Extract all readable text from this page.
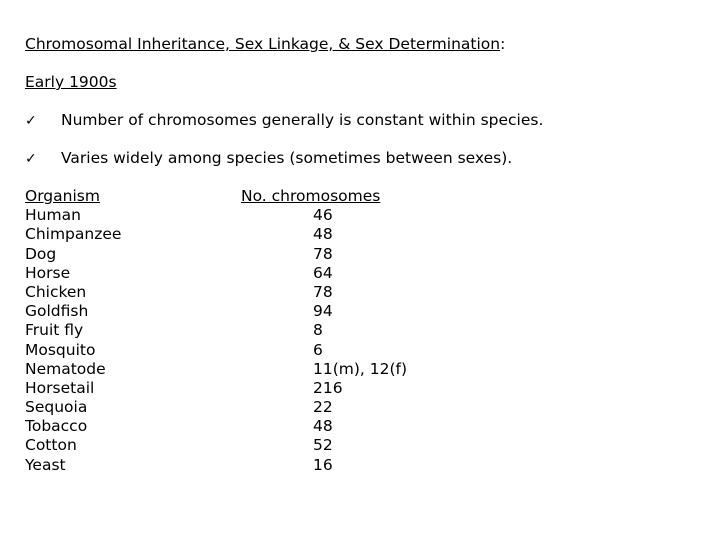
Chromosomal Inheritance, Sex Linkage, & Sex Determination:
Early 1900s
✓ Number of chromosomes generally is constant within species.
✓ Varies widely among species (sometimes between sexes).
Organism	No. chromosomes
Human	46
Chimpanzee	48
Dog	78
Horse	64
Chicken	78
Goldfish	94
Fruit fly	8
Mosquito	6
Nematode	11(m), 12(f)
Horsetail	216
Sequoia	22
Tobacco	48
Cotton	52
Yeast	16
